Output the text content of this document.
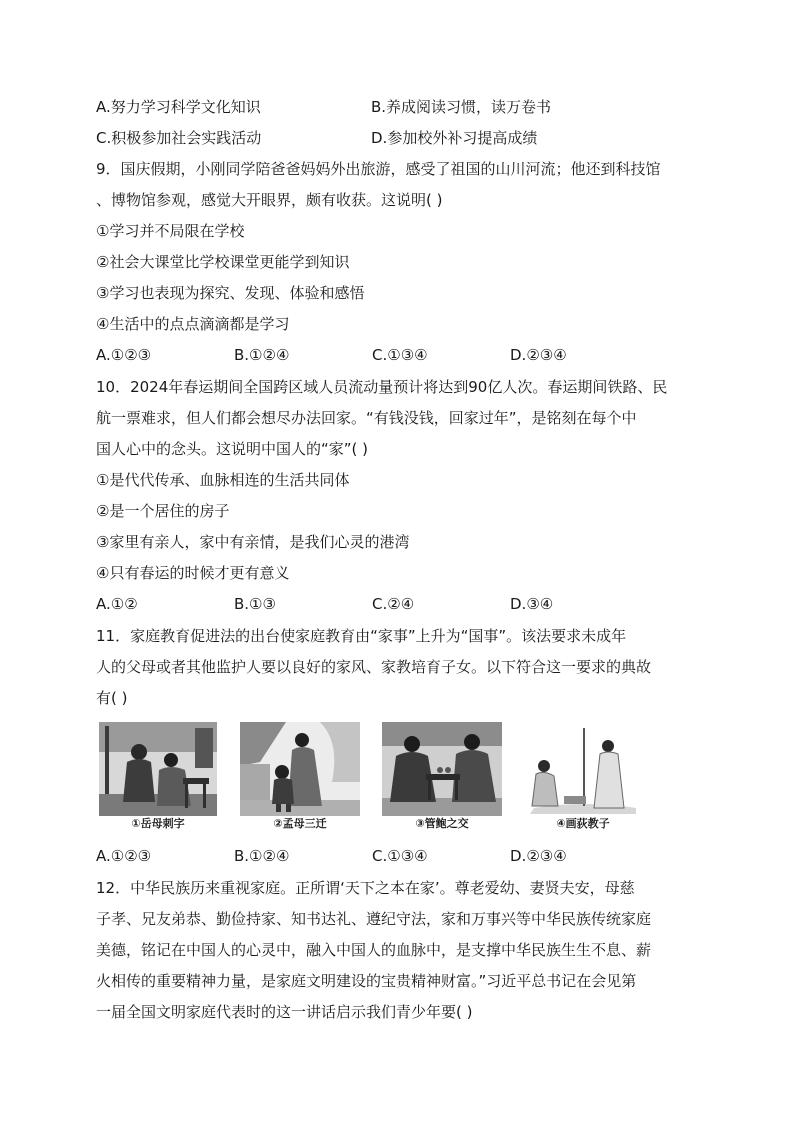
A.努力学习科学文化知识	B.养成阅读习惯，读万卷书
C.积极参加社会实践活动	D.参加校外补习提高成绩
9．国庆假期，小刚同学陪爸爸妈妈外出旅游，感受了祖国的山川河流；他还到科技馆
、博物馆参观，感觉大开眼界，颇有收获。这说明( )
①学习并不局限在学校
②社会大课堂比学校课堂更能学到知识
③学习也表现为探究、发现、体验和感悟
④生活中的点点滴滴都是学习
A.①②③	B.①②④	C.①③④	D.②③④
10．2024年春运期间全国跨区域人员流动量预计将达到90亿人次。春运期间铁路、民
航一票难求，但人们都会想尽办法回家。“有钱没钱，回家过年”，是铭刻在每个中
国人心中的念头。这说明中国人的“家”( )
①是代代传承、血脉相连的生活共同体
②是一个居住的房子
③家里有亲人，家中有亲情，是我们心灵的港湾
④只有春运的时候才更有意义
A.①②	B.①③	C.②④	D.③④
11．家庭教育促进法的出台使家庭教育由“家事”上升为“国事”。该法要求未成年
人的父母或者其他监护人要以良好的家风、家教培育子女。以下符合这一要求的典故
有( )
①岳母刺字	②孟母三迁	③管鲍之交	④画荻教子
A.①②③	B.①②④	C.①③④	D.②③④
12．中华民族历来重视家庭。正所谓‘天下之本在家’。尊老爱幼、妻贤夫安，母慈
子孝、兄友弟恭、勤俭持家、知书达礼、遵纪守法，家和万事兴等中华民族传统家庭
美德，铭记在中国人的心灵中，融入中国人的血脉中，是支撑中华民族生生不息、薪
火相传的重要精神力量，是家庭文明建设的宝贵精神财富。”习近平总书记在会见第
一届全国文明家庭代表时的这一讲话启示我们青少年要( )
